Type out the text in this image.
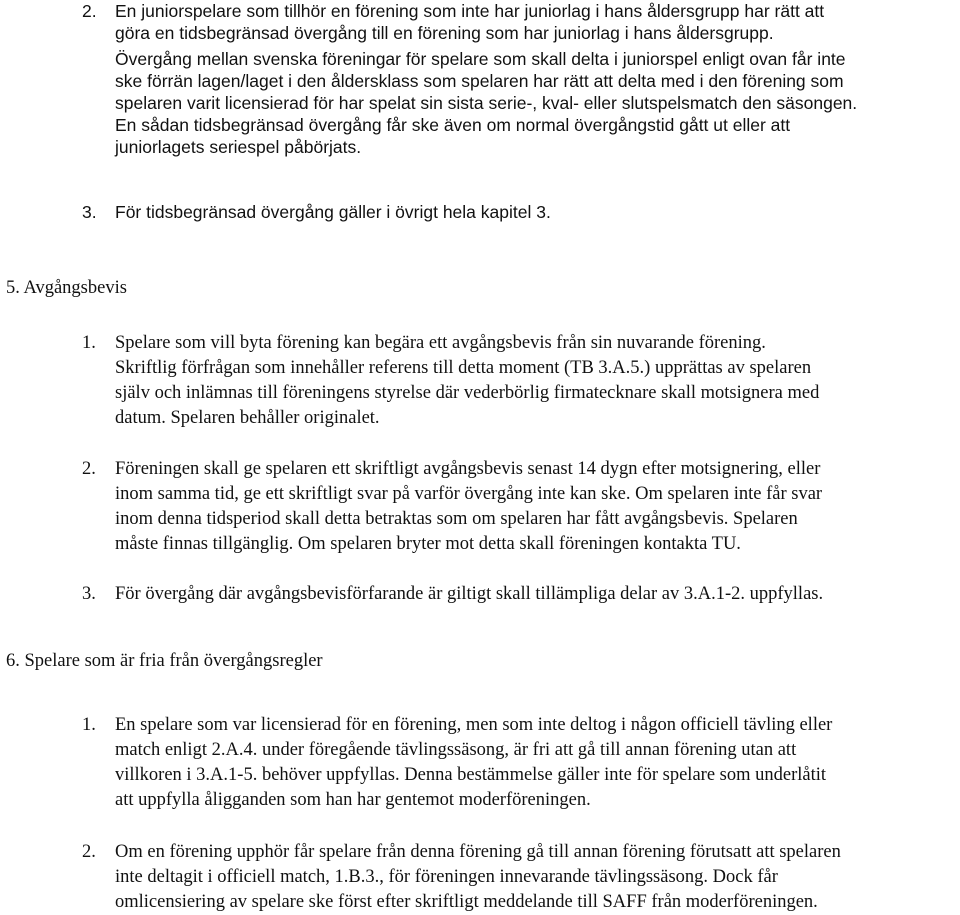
2. En juniorspelare som tillhör en förening som inte har juniorlag i hans åldersgrupp har rätt att
göra en tidsbegränsad övergång till en förening som har juniorlag i hans åldersgrupp.
Övergång mellan svenska föreningar för spelare som skall delta i juniorspel enligt ovan får inte
ske förrän lagen/laget i den åldersklass som spelaren har rätt att delta med i den förening som
spelaren varit licensierad för har spelat sin sista serie-, kval- eller slutspelsmatch den säsongen.
En sådan tidsbegränsad övergång får ske även om normal övergångstid gått ut eller att
juniorlagets seriespel påbörjats.
3. För tidsbegränsad övergång gäller i övrigt hela kapitel 3.
5. Avgångsbevis
1. Spelare som vill byta förening kan begära ett avgångsbevis från sin nuvarande förening.
Skriftlig förfrågan som innehåller referens till detta moment (TB 3.A.5.) upprättas av spelaren
själv och inlämnas till föreningens styrelse där vederbörlig firmatecknare skall motsignera med
datum. Spelaren behåller originalet.
2. Föreningen skall ge spelaren ett skriftligt avgångsbevis senast 14 dygn efter motsignering, eller
inom samma tid, ge ett skriftligt svar på varför övergång inte kan ske. Om spelaren inte får svar
inom denna tidsperiod skall detta betraktas som om spelaren har fått avgångsbevis. Spelaren
måste finnas tillgänglig. Om spelaren bryter mot detta skall föreningen kontakta TU.
3. För övergång där avgångsbevisförfarande är giltigt skall tillämpliga delar av 3.A.1-2. uppfyllas.
6. Spelare som är fria från övergångsregler
1. En spelare som var licensierad för en förening, men som inte deltog i någon officiell tävling eller
match enligt 2.A.4. under föregående tävlingssäsong, är fri att gå till annan förening utan att
villkoren i 3.A.1-5. behöver uppfyllas. Denna bestämmelse gäller inte för spelare som underlåtit
att uppfylla åligganden som han har gentemot moderföreningen.
2. Om en förening upphör får spelare från denna förening gå till annan förening förutsatt att spelaren
inte deltagit i officiell match, 1.B.3., för föreningen innevarande tävlingssäsong. Dock får
omlicensiering av spelare ske först efter skriftligt meddelande till SAFF från moderföreningen.
